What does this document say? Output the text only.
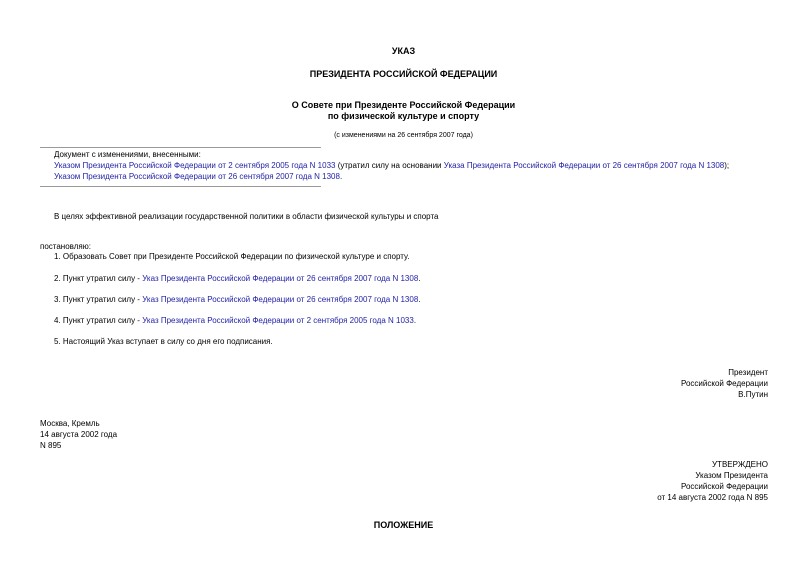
УКАЗ
ПРЕЗИДЕНТА РОССИЙСКОЙ ФЕДЕРАЦИИ
О Совете при Президенте Российской Федерации
по физической культуре и спорту
(с изменениями на 26 сентября 2007 года)
Документ с изменениями, внесенными:
Указом Президента Российской Федерации от 2 сентября 2005 года N 1033 (утратил силу на основании Указа Президента Российской Федерации от 26 сентября 2007 года N 1308);
Указом Президента Российской Федерации от 26 сентября 2007 года N 1308.
В целях эффективной реализации государственной политики в области физической культуры и спорта
постановляю:
1. Образовать Совет при Президенте Российской Федерации по физической культуре и спорту.
2. Пункт утратил силу - Указ Президента Российской Федерации от 26 сентября 2007 года N 1308.
3. Пункт утратил силу - Указ Президента Российской Федерации от 26 сентября 2007 года N 1308.
4. Пункт утратил силу - Указ Президента Российской Федерации от 2 сентября 2005 года N 1033.
5. Настоящий Указ вступает в силу со дня его подписания.
Президент
Российской Федерации
В.Путин
Москва, Кремль
14 августа 2002 года
N 895
УТВЕРЖДЕНО
Указом Президента
Российской Федерации
от 14 августа 2002 года N 895
ПОЛОЖЕНИЕ
